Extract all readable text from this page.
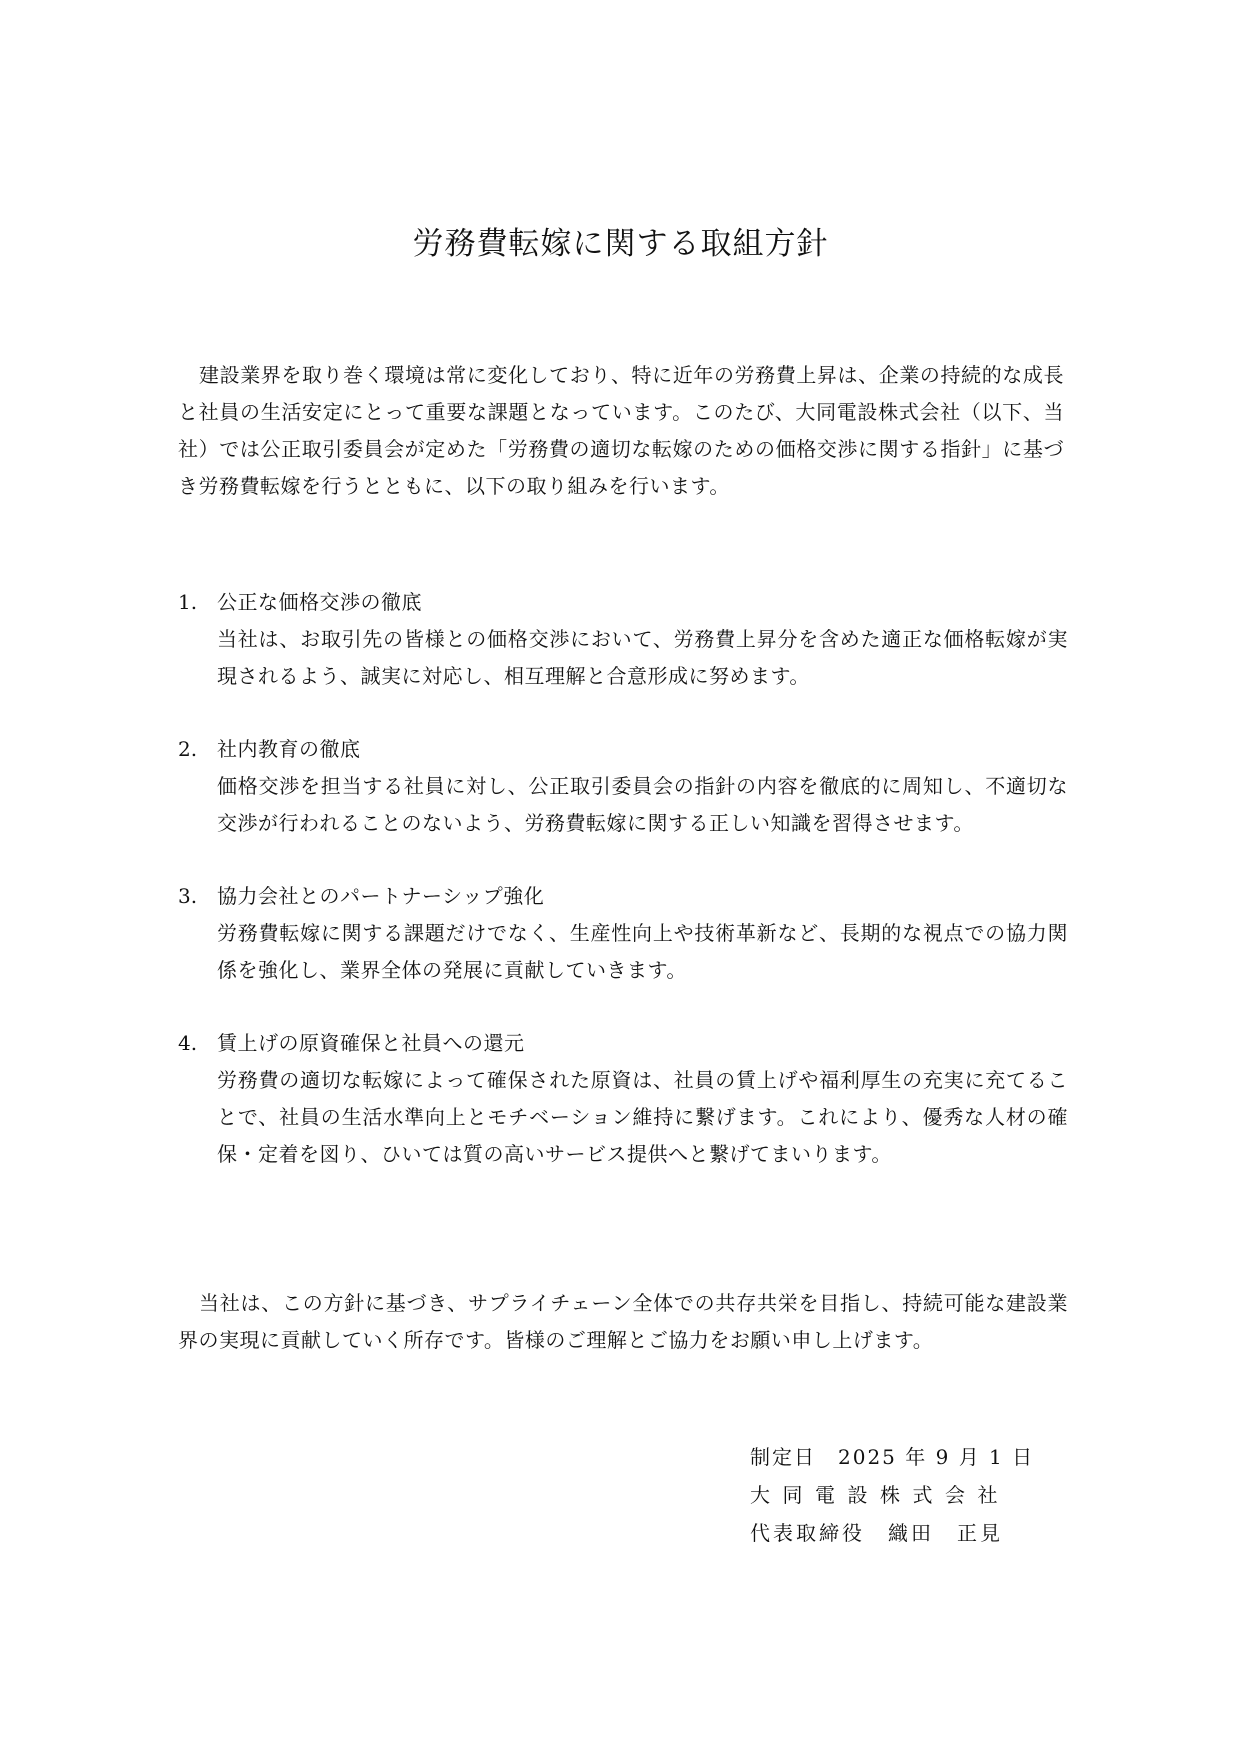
労務費転嫁に関する取組方針

建設業界を取り巻く環境は常に変化しており、特に近年の労務費上昇は、企業の持続的な成長と社員の生活安定にとって重要な課題となっています。このたび、大同電設株式会社（以下、当社）では公正取引委員会が定めた「労務費の適切な転嫁のための価格交渉に関する指針」に基づき労務費転嫁を行うとともに、以下の取り組みを行います。

1. 公正な価格交渉の徹底
当社は、お取引先の皆様との価格交渉において、労務費上昇分を含めた適正な価格転嫁が実現されるよう、誠実に対応し、相互理解と合意形成に努めます。
2. 社内教育の徹底
価格交渉を担当する社員に対し、公正取引委員会の指針の内容を徹底的に周知し、不適切な交渉が行われることのないよう、労務費転嫁に関する正しい知識を習得させます。
3. 協力会社とのパートナーシップ強化
労務費転嫁に関する課題だけでなく、生産性向上や技術革新など、長期的な視点での協力関係を強化し、業界全体の発展に貢献していきます。
4. 賃上げの原資確保と社員への還元
労務費の適切な転嫁によって確保された原資は、社員の賃上げや福利厚生の充実に充てることで、社員の生活水準向上とモチベーション維持に繋げます。これにより、優秀な人材の確保・定着を図り、ひいては質の高いサービス提供へと繋げてまいります。

当社は、この方針に基づき、サプライチェーン全体での共存共栄を目指し、持続可能な建設業界の実現に貢献していく所存です。皆様のご理解とご協力をお願い申し上げます。

制定日　2025 年 9 月 1 日
大同電設株式会社
代表取締役　織田　正見
